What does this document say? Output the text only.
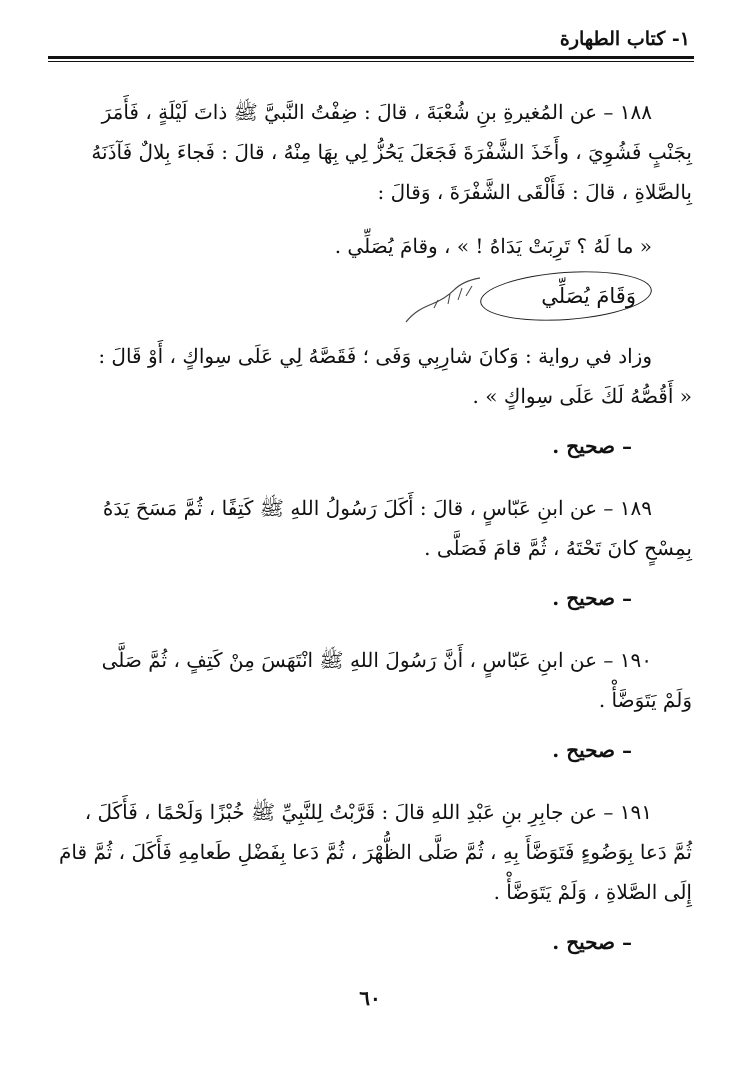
١- كتاب الطهارة

١٨٨ – عن المُغيرةِ بنِ شُعْبَةَ ، قالَ : ضِفْتُ النَّبيَّ ﷺ ذاتَ لَيْلَةٍ ، فَأَمَرَ

بِجَنْبٍ فَشُوِيَ ، وأَخَذَ الشَّفْرَةَ فَجَعَلَ يَحُزُّ لِي بِهَا مِنْهُ ، قالَ : فَجاءَ بِلالٌ فَآذَنَهُ

بِالصَّلاةِ ، قالَ : فَأَلْقَى الشَّفْرَةَ ، وَقالَ :

« ما لَهُ ؟ تَرِبَتْ يَدَاهُ ! » ، وقامَ يُصَلِّي .

وَقَامَ يُصَلِّي

وزاد في رواية : وَكانَ شارِبِي وَفَى ؛ فَقَصَّهُ لِي عَلَى سِواكٍ ، أَوْ قَالَ :

« أَقُصُّهُ لَكَ عَلَى سِواكٍ » .

– صحيح .

١٨٩ – عن ابنِ عَبّاسٍ ، قالَ : أَكَلَ رَسُولُ اللهِ ﷺ كَتِفًا ، ثُمَّ مَسَحَ يَدَهُ

بِمِسْحٍ كانَ تَحْتَهُ ، ثُمَّ قامَ فَصَلَّى .

– صحيح .

١٩٠ – عن ابنِ عَبّاسٍ ، أَنَّ رَسُولَ اللهِ ﷺ انْتَهَسَ مِنْ كَتِفٍ ، ثُمَّ صَلَّى

وَلَمْ يَتَوَضَّأْ .

– صحيح .

١٩١ – عن جابِرِ بنِ عَبْدِ اللهِ قالَ : قَرَّبْتُ لِلنَّبِيِّ ﷺ خُبْزًا وَلَحْمًا ، فَأَكَلَ ،

ثُمَّ دَعا بِوَضُوءٍ فَتَوَضَّأَ بِهِ ، ثُمَّ صَلَّى الظُّهْرَ ، ثُمَّ دَعا بِفَضْلِ طَعامِهِ فَأَكَلَ ، ثُمَّ قامَ

إِلَى الصَّلاةِ ، وَلَمْ يَتَوَضَّأْ .

– صحيح .

٦٠
